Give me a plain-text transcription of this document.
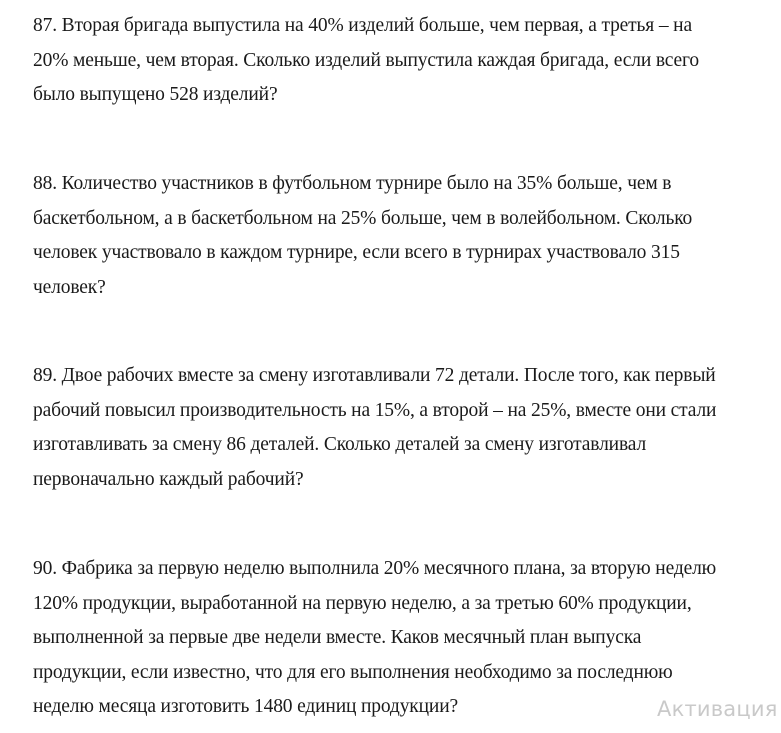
87. Вторая бригада выпустила на 40% изделий больше, чем первая, а третья – на
20% меньше, чем вторая. Сколько изделий выпустила каждая бригада, если всего
было выпущено 528 изделий?
88. Количество участников в футбольном турнире было на 35% больше, чем в
баскетбольном, а в баскетбольном на 25% больше, чем в волейбольном. Сколько
человек участвовало в каждом турнире, если всего в турнирах участвовало 315
человек?
89. Двое рабочих вместе за смену изготавливали 72 детали. После того, как первый
рабочий повысил производительность на 15%, а второй – на 25%, вместе они стали
изготавливать за смену 86 деталей. Сколько деталей за смену изготавливал
первоначально каждый рабочий?
90. Фабрика за первую неделю выполнила 20% месячного плана, за вторую неделю
120% продукции, выработанной на первую неделю, а за третью 60% продукции,
выполненной за первые две недели вместе. Каков месячный план выпуска
продукции, если известно, что для его выполнения необходимо за последнюю
неделю месяца изготовить 1480 единиц продукции?	Активация
